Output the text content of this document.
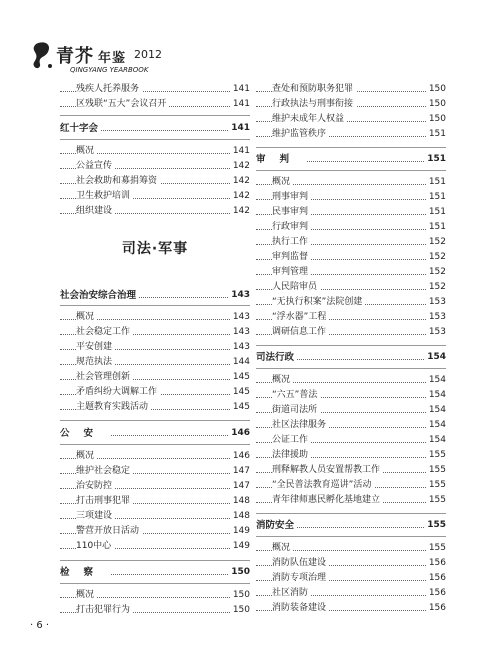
青芥 年鉴 2012
QINGYANG YEARBOOK
残疾人托养服务	141
区残联“五大”会议召开	141
红十字会	141
概况	141
公益宣传	142
社会救助和募捐筹资	142
卫生救护培训	142
组织建设	142
社会治安综合治理	143
概况	143
社会稳定工作	143
平安创建	143
规范执法	144
社会管理创新	145
矛盾纠纷大调解工作	145
主题教育实践活动	145
公安	146
概况	146
维护社会稳定	147
治安防控	147
打击刑事犯罪	148
三项建设	148
警营开放日活动	149
110中心	149
检察	150
概况	150
打击犯罪行为	150
司法·军事
查处和预防职务犯罪	150
行政执法与刑事衔接	150
维护未成年人权益	150
维护监管秩序	151
审判	151
概况	151
刑事审判	151
民事审判	151
行政审判	151
执行工作	152
审判监督	152
审判管理	152
人民陪审员	152
“无执行积案”法院创建	153
“浮水器”工程	153
调研信息工作	153
司法行政	154
概况	154
“六五”普法	154
街道司法所	154
社区法律服务	154
公证工作	154
法律援助	155
刑释解教人员安置帮教工作	155
“全民普法教育巡讲”活动	155
青年律师惠民孵化基地建立	155
消防安全	155
概况	155
消防队伍建设	156
消防专项治理	156
社区消防	156
消防装备建设	156
· 6 ·
